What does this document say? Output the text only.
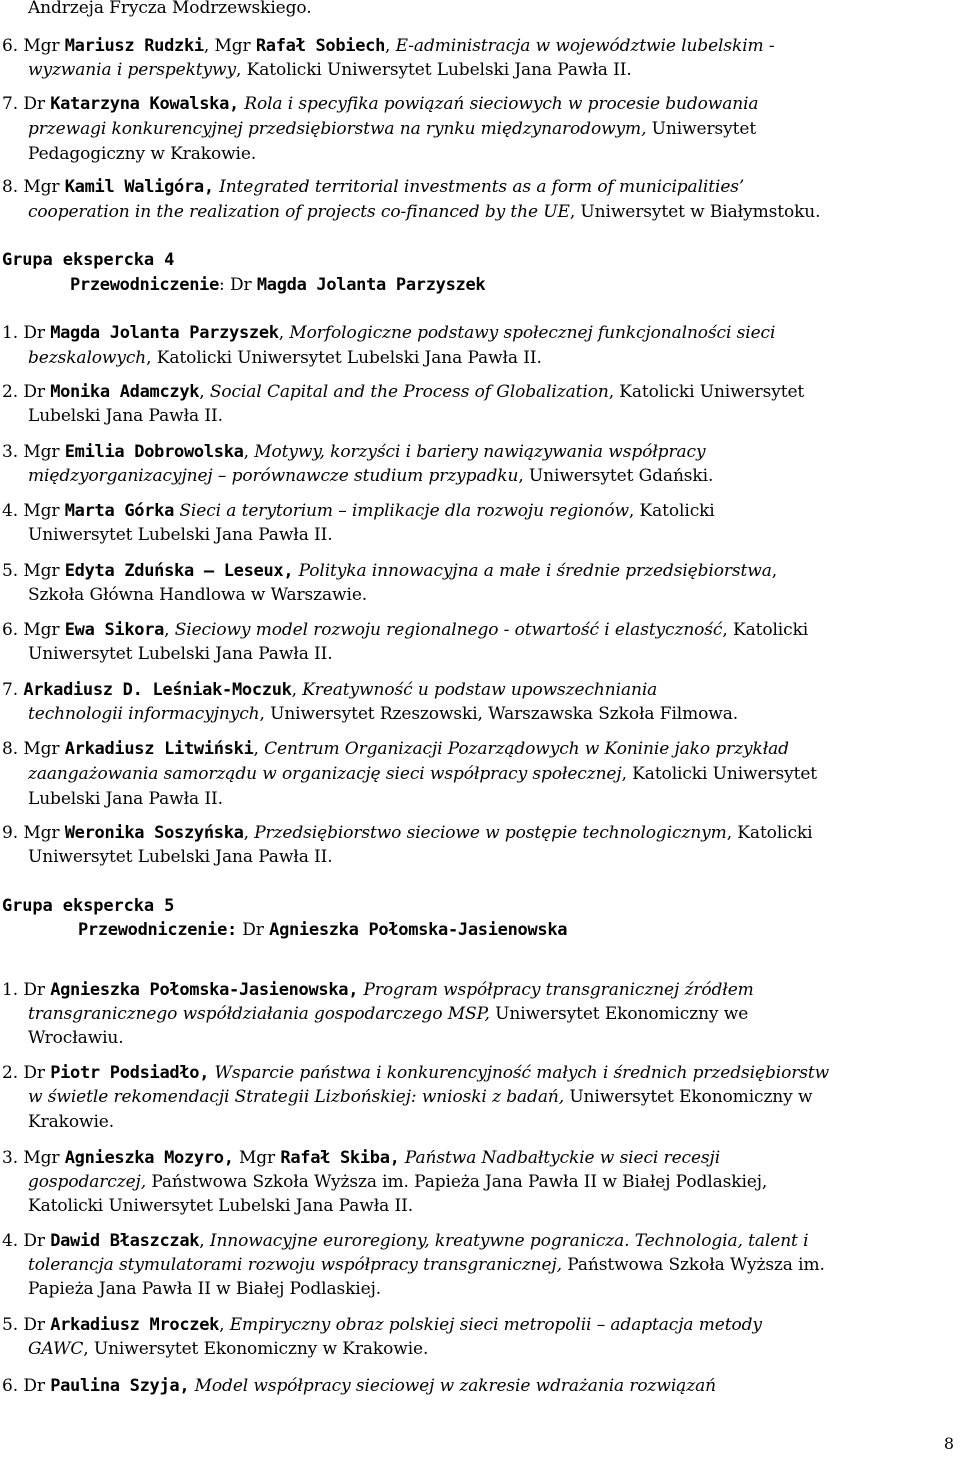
Andrzeja Frycza Modrzewskiego.
6. Mgr Mariusz Rudzki, Mgr Rafał Sobiech, E-administracja w województwie lubelskim -
wyzwania i perspektywy, Katolicki Uniwersytet Lubelski Jana Pawła II.
7. Dr Katarzyna Kowalska, Rola i specyfika powiązań sieciowych w procesie budowania
przewagi konkurencyjnej przedsiębiorstwa na rynku międzynarodowym, Uniwersytet
Pedagogiczny w Krakowie.
8. Mgr Kamil Waligóra, Integrated territorial investments as a form of municipalities’
cooperation in the realization of projects co-financed by the UE, Uniwersytet w Białymstoku.
Grupa ekspercka 4
Przewodniczenie: Dr Magda Jolanta Parzyszek
1. Dr Magda Jolanta Parzyszek, Morfologiczne podstawy społecznej funkcjonalności sieci
bezskalowych, Katolicki Uniwersytet Lubelski Jana Pawła II.
2. Dr Monika Adamczyk, Social Capital and the Process of Globalization, Katolicki Uniwersytet
Lubelski Jana Pawła II.
3. Mgr Emilia Dobrowolska, Motywy, korzyści i bariery nawiązywania współpracy
międzyorganizacyjnej – porównawcze studium przypadku, Uniwersytet Gdański.
4. Mgr Marta Górka Sieci a terytorium – implikacje dla rozwoju regionów, Katolicki
Uniwersytet Lubelski Jana Pawła II.
5. Mgr Edyta Zduńska – Leseux, Polityka innowacyjna a małe i średnie przedsiębiorstwa,
Szkoła Główna Handlowa w Warszawie.
6. Mgr Ewa Sikora, Sieciowy model rozwoju regionalnego - otwartość i elastyczność, Katolicki
Uniwersytet Lubelski Jana Pawła II.
7. Arkadiusz D. Leśniak-Moczuk, Kreatywność u podstaw upowszechniania
technologii informacyjnych, Uniwersytet Rzeszowski, Warszawska Szkoła Filmowa.
8. Mgr Arkadiusz Litwiński, Centrum Organizacji Pozarządowych w Koninie jako przykład
zaangażowania samorządu w organizację sieci współpracy społecznej, Katolicki Uniwersytet
Lubelski Jana Pawła II.
9. Mgr Weronika Soszyńska, Przedsiębiorstwo sieciowe w postępie technologicznym, Katolicki
Uniwersytet Lubelski Jana Pawła II.
Grupa ekspercka 5
Przewodniczenie: Dr Agnieszka Połomska-Jasienowska
1. Dr Agnieszka Połomska-Jasienowska, Program współpracy transgranicznej źródłem
transgranicznego współdziałania gospodarczego MSP, Uniwersytet Ekonomiczny we
Wrocławiu.
2. Dr Piotr Podsiadło, Wsparcie państwa i konkurencyjność małych i średnich przedsiębiorstw
w świetle rekomendacji Strategii Lizbońskiej: wnioski z badań, Uniwersytet Ekonomiczny w
Krakowie.
3. Mgr Agnieszka Mozyro, Mgr Rafał Skiba, Państwa Nadbałtyckie w sieci recesji
gospodarczej, Państwowa Szkoła Wyższa im. Papieża Jana Pawła II w Białej Podlaskiej,
Katolicki Uniwersytet Lubelski Jana Pawła II.
4. Dr Dawid Błaszczak, Innowacyjne euroregiony, kreatywne pogranicza. Technologia, talent i
tolerancja stymulatorami rozwoju współpracy transgranicznej, Państwowa Szkoła Wyższa im.
Papieża Jana Pawła II w Białej Podlaskiej.
5. Dr Arkadiusz Mroczek, Empiryczny obraz polskiej sieci metropolii – adaptacja metody
GAWC, Uniwersytet Ekonomiczny w Krakowie.
6. Dr Paulina Szyja, Model współpracy sieciowej w zakresie wdrażania rozwiązań
8
